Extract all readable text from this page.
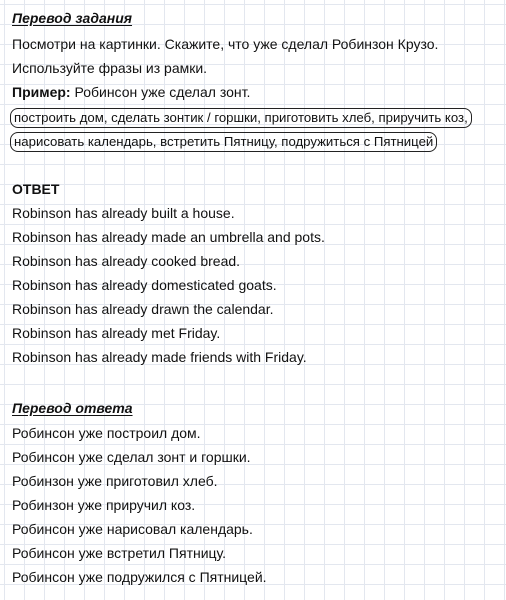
Перевод задания
Посмотри на картинки. Скажите, что уже сделал Робинзон Крузо.
Используйте фразы из рамки.
Пример: Робинсон уже сделал зонт.
построить дом, сделать зонтик / горшки, приготовить хлеб, приручить коз,
нарисовать календарь, встретить Пятницу, подружиться с Пятницей
ОТВЕТ
Robinson has already built a house.
Robinson has already made an umbrella and pots.
Robinson has already cooked bread.
Robinson has already domesticated goats.
Robinson has already drawn the calendar.
Robinson has already met Friday.
Robinson has already made friends with Friday.
Перевод ответа
Робинсон уже построил дом.
Робинсон уже сделал зонт и горшки.
Робинзон уже приготовил хлеб.
Робинзон уже приручил коз.
Робинсон уже нарисовал календарь.
Робинсон уже встретил Пятницу.
Робинсон уже подружился с Пятницей.
